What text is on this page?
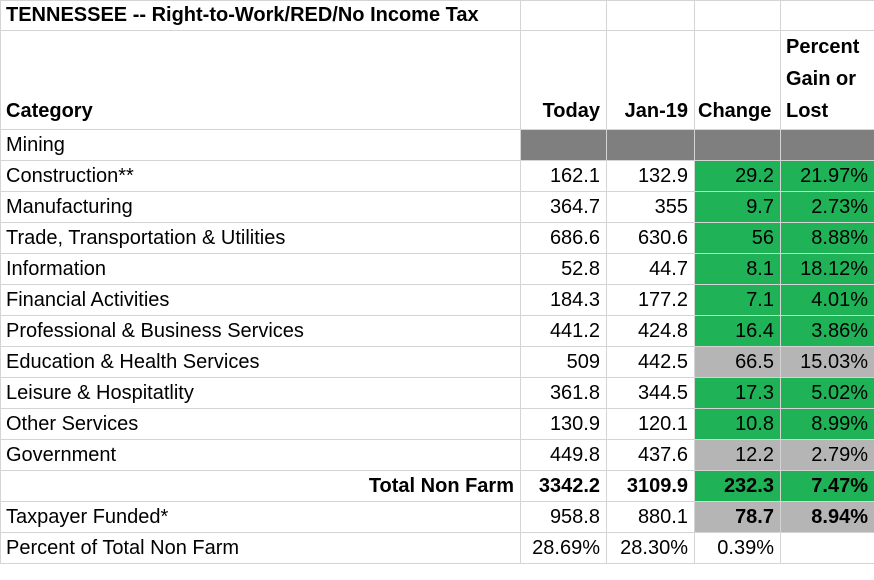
TENNESSEE -- Right-to-Work/RED/No Income Tax				
Category	Today	Jan-19	Change	Percent Gain or Lost
Mining				
Construction**	162.1	132.9	29.2	21.97%
Manufacturing	364.7	355	9.7	2.73%
Trade, Transportation & Utilities	686.6	630.6	56	8.88%
Information	52.8	44.7	8.1	18.12%
Financial Activities	184.3	177.2	7.1	4.01%
Professional & Business Services	441.2	424.8	16.4	3.86%
Education & Health Services	509	442.5	66.5	15.03%
Leisure & Hospitatlity	361.8	344.5	17.3	5.02%
Other Services	130.9	120.1	10.8	8.99%
Government	449.8	437.6	12.2	2.79%
Total Non Farm	3342.2	3109.9	232.3	7.47%
Taxpayer Funded*	958.8	880.1	78.7	8.94%
Percent of Total Non Farm	28.69%	28.30%	0.39%	
